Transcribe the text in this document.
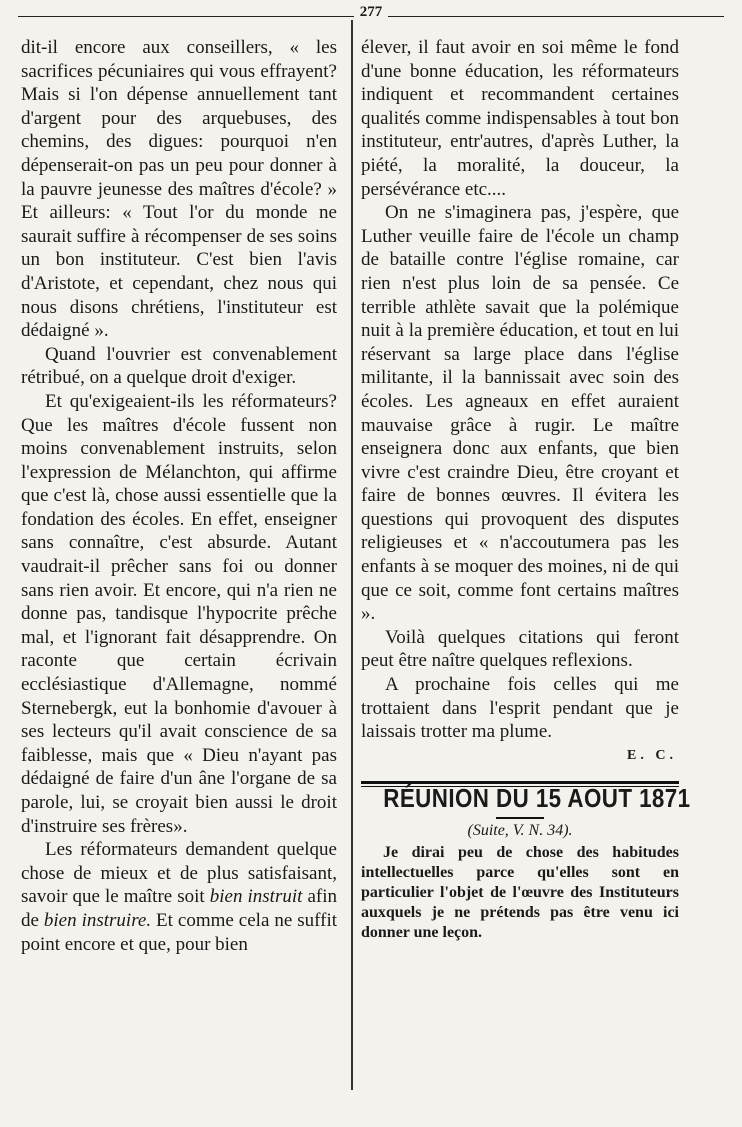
277

dit-il encore aux conseillers, « les sacrifices pécuniaires qui vous effrayent? Mais si l'on dépense annuellement tant d'argent pour des arquebuses, des chemins, des digues: pourquoi n'en dépenserait-on pas un peu pour donner à la pauvre jeunesse des maîtres d'école? » Et ailleurs: « Tout l'or du monde ne saurait suffire à récompenser de ses soins un bon instituteur. C'est bien l'avis d'Aristote, et cependant, chez nous qui nous disons chrétiens, l'instituteur est dédaigné ».

Quand l'ouvrier est convenablement rétribué, on a quelque droit d'exiger.

Et qu'exigeaient-ils les réformateurs? Que les maîtres d'école fussent non moins convenablement instruits, selon l'expression de Mélanchton, qui affirme que c'est là, chose aussi essentielle que la fondation des écoles. En effet, enseigner sans connaître, c'est absurde. Autant vaudrait-il prêcher sans foi ou donner sans rien avoir. Et encore, qui n'a rien ne donne pas, tandisque l'hypocrite prêche mal, et l'ignorant fait désapprendre. On raconte que certain écrivain ecclésiastique d'Allemagne, nommé Sternebergk, eut la bonhomie d'avouer à ses lecteurs qu'il avait conscience de sa faiblesse, mais que « Dieu n'ayant pas dédaigné de faire d'un âne l'organe de sa parole, lui, se croyait bien aussi le droit d'instruire ses frères».

Les réformateurs demandent quelque chose de mieux et de plus satisfaisant, savoir que le maître soit bien instruit afin de bien instruire. Et comme cela ne suffit point encore et que, pour bien

élever, il faut avoir en soi même le fond d'une bonne éducation, les réformateurs indiquent et recommandent certaines qualités comme indispensables à tout bon instituteur, entr'autres, d'après Luther, la piété, la moralité, la douceur, la persévérance etc....

On ne s'imaginera pas, j'espère, que Luther veuille faire de l'école un champ de bataille contre l'église romaine, car rien n'est plus loin de sa pensée. Ce terrible athlète savait que la polémique nuit à la première éducation, et tout en lui réservant sa large place dans l'église militante, il la bannissait avec soin des écoles. Les agneaux en effet auraient mauvaise grâce à rugir. Le maître enseignera donc aux enfants, que bien vivre c'est craindre Dieu, être croyant et faire de bonnes œuvres. Il évitera les questions qui provoquent des disputes religieuses et « n'accoutumera pas les enfants à se moquer des moines, ni de qui que ce soit, comme font certains maîtres ».

Voilà quelques citations qui feront peut être naître quelques reflexions.

A prochaine fois celles qui me trottaient dans l'esprit pendant que je laissais trotter ma plume.

E. C.

RÉUNION DU 15 AOUT 1871

(Suite, V. N. 34).

Je dirai peu de chose des habitudes intellectuelles parce qu'elles sont en particulier l'objet de l'œuvre des Instituteurs auxquels je ne prétends pas être venu ici donner une leçon.
